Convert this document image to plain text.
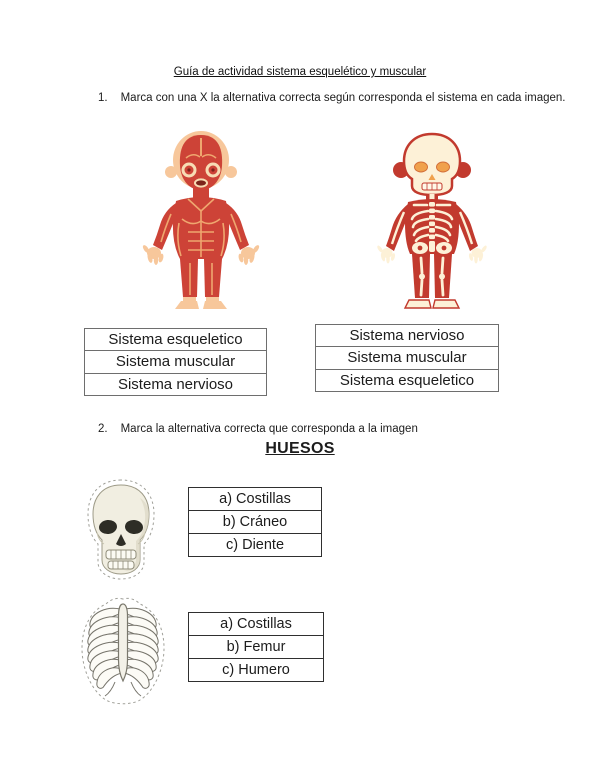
Guía de actividad sistema esquelético y muscular
1. Marca con una X la alternativa correcta según corresponda el sistema en cada imagen.
Sistema esqueletico
Sistema muscular
Sistema nervioso
Sistema nervioso
Sistema muscular
Sistema esqueletico
2. Marca la alternativa correcta que corresponda a la imagen
HUESOS
a) Costillas
b) Cráneo
c) Diente
a) Costillas
b) Femur
c) Humero
